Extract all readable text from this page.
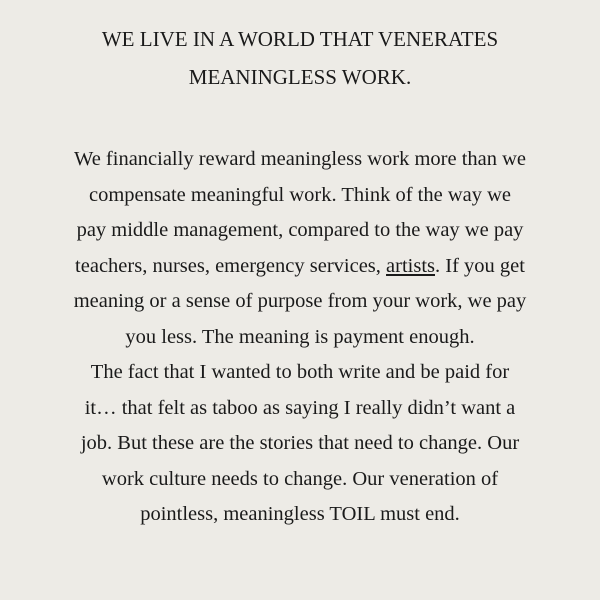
WE LIVE IN A WORLD THAT VENERATES
MEANINGLESS WORK.

We financially reward meaningless work more than we
compensate meaningful work. Think of the way we
pay middle management, compared to the way we pay
teachers, nurses, emergency services, artists. If you get
meaning or a sense of purpose from your work, we pay
you less. The meaning is payment enough.
The fact that I wanted to both write and be paid for
it… that felt as taboo as saying I really didn’t want a
job. But these are the stories that need to change. Our
work culture needs to change. Our veneration of
pointless, meaningless TOIL must end.
